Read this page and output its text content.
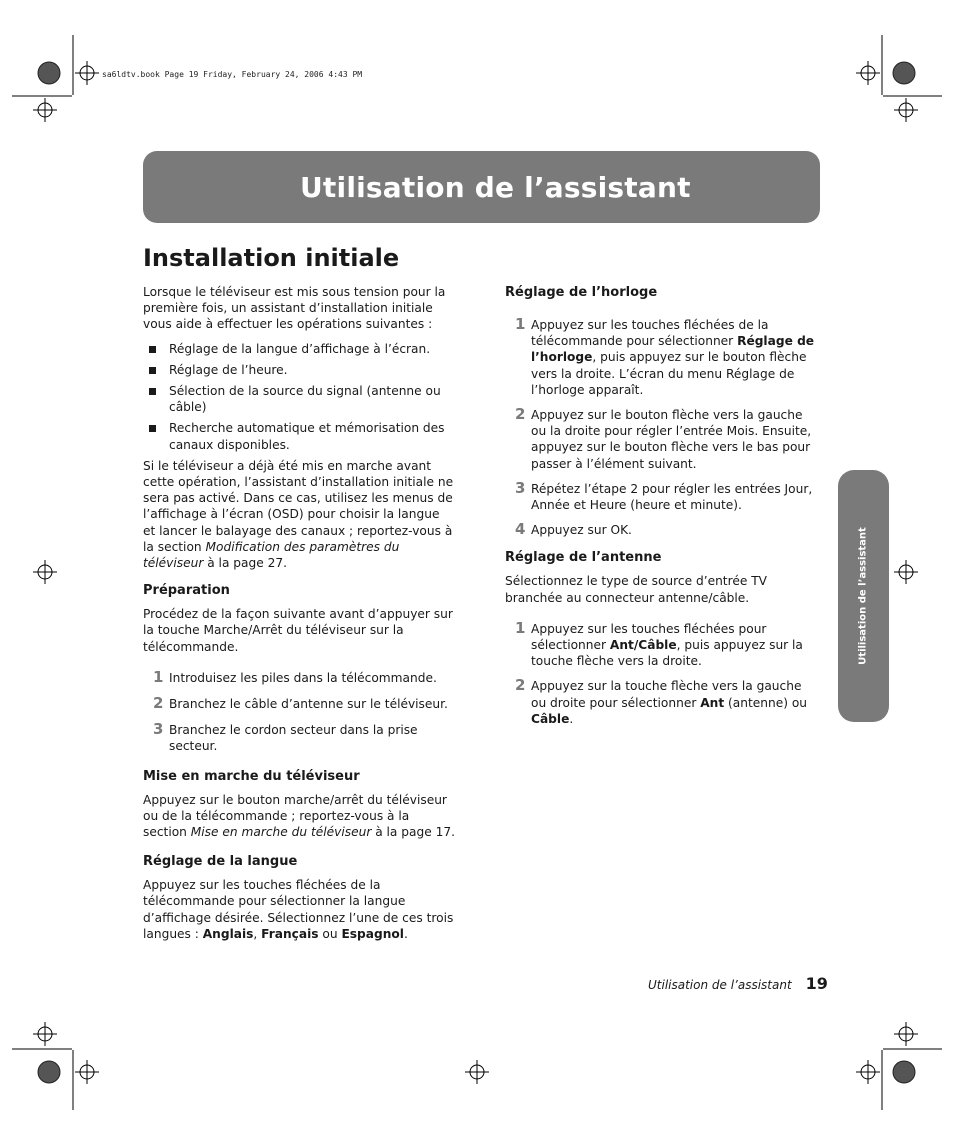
sa6ldtv.book Page 19 Friday, February 24, 2006 4:43 PM
Utilisation de l’assistant
Utilisation de l’assistant
Installation initiale

Lorsque le téléviseur est mis sous tension pour la première fois, un assistant d’installation initiale vous aide à effectuer les opérations suivantes :

Réglage de la langue d’affichage à l’écran.
Réglage de l’heure.
Sélection de la source du signal (antenne ou câble)
Recherche automatique et mémorisation des canaux disponibles.

Si le téléviseur a déjà été mis en marche avant cette opération, l’assistant d’installation initiale ne sera pas activé. Dans ce cas, utilisez les menus de l’affichage à l’écran (OSD) pour choisir la langue et lancer le balayage des canaux ; reportez-vous à la section Modification des paramètres du téléviseur à la page 27.

Préparation

Procédez de la façon suivante avant d’appuyer sur la touche Marche/Arrêt du téléviseur sur la télécommande.

1 Introduisez les piles dans la télécommande.
2 Branchez le câble d’antenne sur le téléviseur.
3 Branchez le cordon secteur dans la prise secteur.
Mise en marche du téléviseur

Appuyez sur le bouton marche/arrêt du téléviseur ou de la télécommande ; reportez-vous à la section Mise en marche du téléviseur à la page 17.

Réglage de la langue

Appuyez sur les touches fléchées de la télécommande pour sélectionner la langue d’affichage désirée. Sélectionnez l’une de ces trois langues : Anglais, Français ou Espagnol.

Réglage de l’horloge
1 Appuyez sur les touches fléchées de la télécommande pour sélectionner Réglage de l’horloge, puis appuyez sur le bouton flèche vers la droite. L’écran du menu Réglage de l’horloge apparaît.
2 Appuyez sur le bouton flèche vers la gauche ou la droite pour régler l’entrée Mois. Ensuite, appuyez sur le bouton flèche vers le bas pour passer à l’élément suivant.
3 Répétez l’étape 2 pour régler les entrées Jour, Année et Heure (heure et minute).
4 Appuyez sur OK.
Réglage de l’antenne

Sélectionnez le type de source d’entrée TV branchée au connecteur antenne/câble.

1 Appuyez sur les touches fléchées pour sélectionner Ant/Câble, puis appuyez sur la touche flèche vers la droite.
2 Appuyez sur la touche flèche vers la gauche ou droite pour sélectionner Ant (antenne) ou Câble.
Utilisation de l’assistant 19
